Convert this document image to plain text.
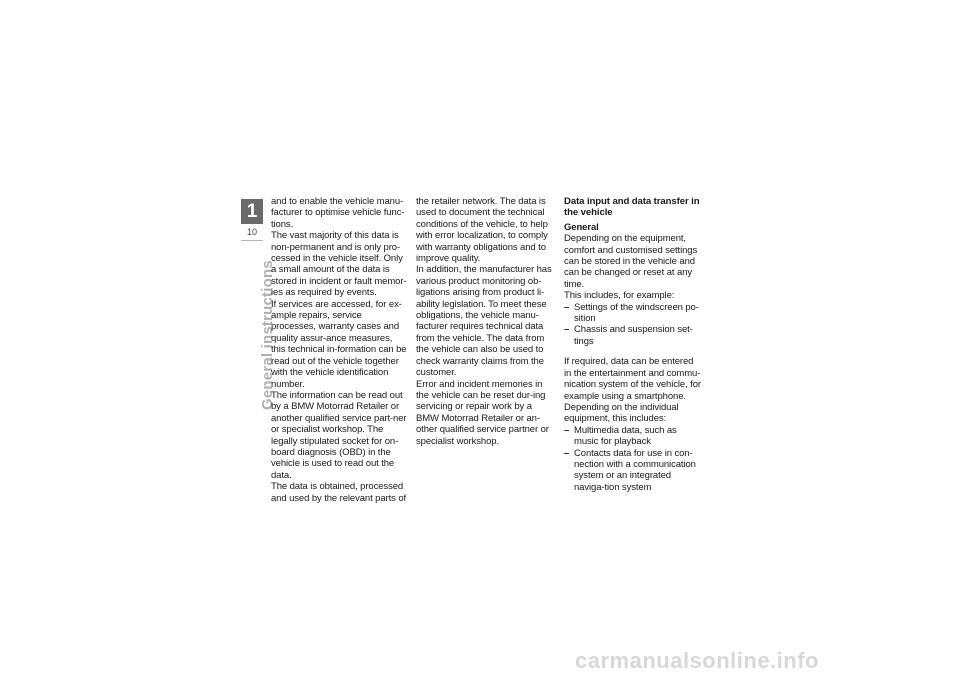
1
10
General instructions

and to enable the vehicle manu-facturer to optimise vehicle func-tions.

The vast majority of this data is non-permanent and is only pro-cessed in the vehicle itself. Only a small amount of the data is stored in incident or fault memor-ies as required by events.

If services are accessed, for ex-ample repairs, service processes, warranty cases and quality assur-ance measures, this technical in-formation can be read out of the vehicle together with the vehicle identification number.

The information can be read out by a BMW Motorrad Retailer or another qualified service part-ner or specialist workshop. The legally stipulated socket for on-board diagnosis (OBD) in the vehicle is used to read out the data.

The data is obtained, processed and used by the relevant parts of

the retailer network. The data is used to document the technical conditions of the vehicle, to help with error localization, to comply with warranty obligations and to improve quality.

In addition, the manufacturer has various product monitoring ob-ligations arising from product li-ability legislation. To meet these obligations, the vehicle manu-facturer requires technical data from the vehicle. The data from the vehicle can also be used to check warranty claims from the customer.

Error and incident memories in the vehicle can be reset dur-ing servicing or repair work by a BMW Motorrad Retailer or an-other qualified service partner or specialist workshop.

Data input and data transfer in the vehicle

General

Depending on the equipment, comfort and customised settings can be stored in the vehicle and can be changed or reset at any time.

This includes, for example:

– Settings of the windscreen po-sition
– Chassis and suspension set-tings

If required, data can be entered in the entertainment and commu-nication system of the vehicle, for example using a smartphone.

Depending on the individual equipment, this includes:

– Multimedia data, such as music for playback
– Contacts data for use in con-nection with a communication system or an integrated naviga-tion system
carmanualsonline.info
